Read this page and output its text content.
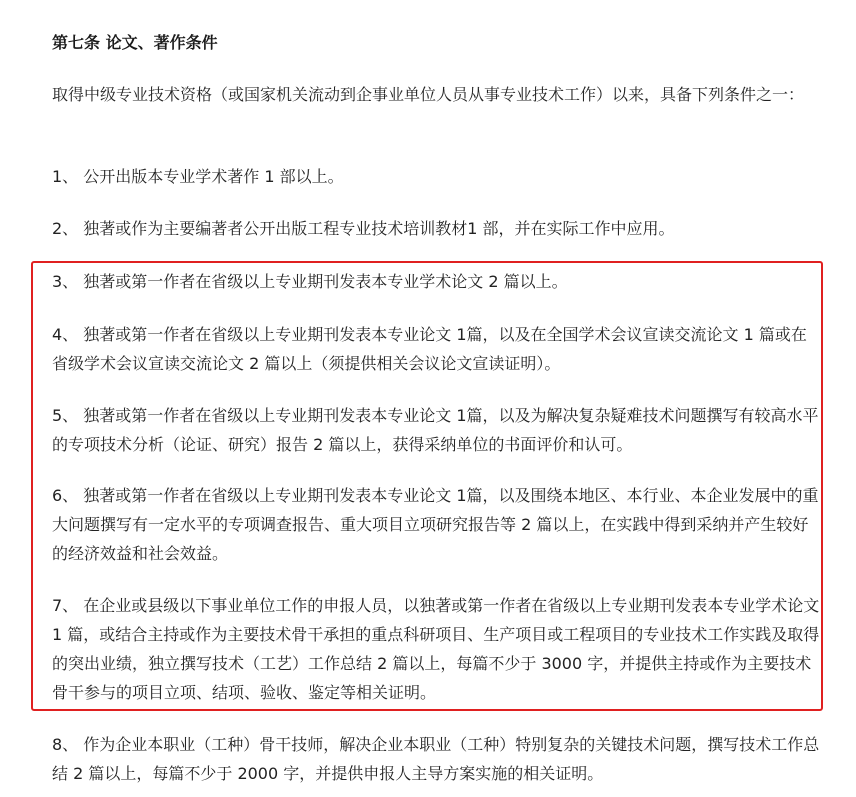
第七条 论文、著作条件
取得中级专业技术资格（或国家机关流动到企事业单位人员从事专业技术工作）以来，具备下列条件之一：
1、 公开出版本专业学术著作 1 部以上。
2、 独著或作为主要编著者公开出版工程专业技术培训教材1 部，并在实际工作中应用。
3、 独著或第一作者在省级以上专业期刊发表本专业学术论文 2 篇以上。
4、 独著或第一作者在省级以上专业期刊发表本专业论文 1篇，以及在全国学术会议宣读交流论文 1 篇或在省级学术会议宣读交流论文 2 篇以上（须提供相关会议论文宣读证明）。
5、 独著或第一作者在省级以上专业期刊发表本专业论文 1篇，以及为解决复杂疑难技术问题撰写有较高水平的专项技术分析（论证、研究）报告 2 篇以上，获得采纳单位的书面评价和认可。
6、 独著或第一作者在省级以上专业期刊发表本专业论文 1篇，以及围绕本地区、本行业、本企业发展中的重大问题撰写有一定水平的专项调查报告、重大项目立项研究报告等 2 篇以上，在实践中得到采纳并产生较好的经济效益和社会效益。
7、 在企业或县级以下事业单位工作的申报人员，以独著或第一作者在省级以上专业期刊发表本专业学术论文 1 篇，或结合主持或作为主要技术骨干承担的重点科研项目、生产项目或工程项目的专业技术工作实践及取得的突出业绩，独立撰写技术（工艺）工作总结 2 篇以上，每篇不少于 3000 字，并提供主持或作为主要技术骨干参与的项目立项、结项、验收、鉴定等相关证明。
8、 作为企业本职业（工种）骨干技师，解决企业本职业（工种）特别复杂的关键技术问题，撰写技术工作总结 2 篇以上，每篇不少于 2000 字，并提供申报人主导方案实施的相关证明。
